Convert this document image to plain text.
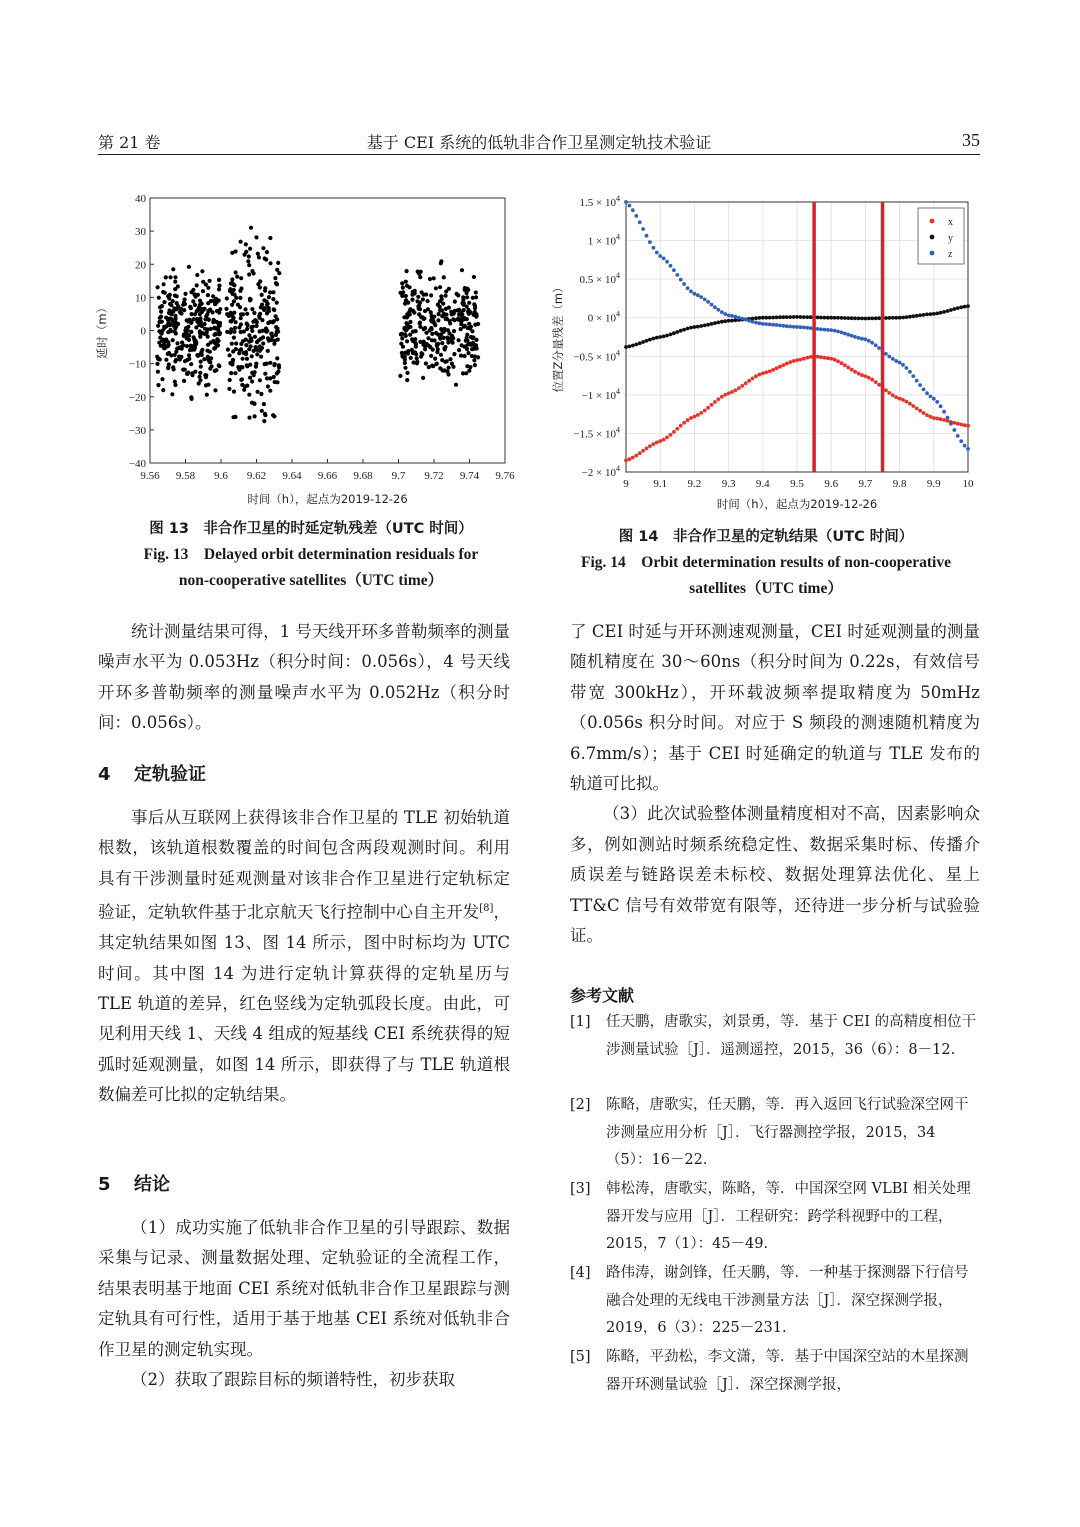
第 21 卷	基于 CEI 系统的低轨非合作卫星测定轨技术验证	35
9.56 9.58 9.6 9.62 9.64 9.66 9.68 9.7 9.72 9.74 9.76
40
30
20
10
0
−10
−20
−30
−40
时间（h），起点为2019-12-26
延时（m）
图 13　非合作卫星的时延定轨残差（UTC 时间）
Fig. 13　Delayed orbit determination residuals for
non-cooperative satellites（UTC time）
9 9.1 9.2 9.3 9.4 9.5 9.6 9.7 9.8 9.9 10
$1.5 \times 10^4$
$1 \times 10^4$
$0.5 \times 10^4$
$0 \times 10^4$
$-0.5 \times 10^4$
$-1 \times 10^4$
$-1.5 \times 10^4$
$-2 \times 10^4$
时间（h），起点为2019-12-26
位置Z分量残差（m）
x
y
z
图 14　非合作卫星的定轨结果（UTC 时间）
Fig. 14　Orbit determination results of non-cooperative
satellites（UTC time）

统计测量结果可得，1 号天线开环多普勒频率的测量噪声水平为 0.053Hz（积分时间：0.056s），4 号天线开环多普勒频率的测量噪声水平为 0.052Hz（积分时间：0.056s）。

4 定轨验证

事后从互联网上获得该非合作卫星的 TLE 初始轨道根数，该轨道根数覆盖的时间包含两段观测时间。利用具有干涉测量时延观测量对该非合作卫星进行定轨标定验证，定轨软件基于北京航天飞行控制中心自主开发[8]，其定轨结果如图 13、图 14 所示，图中时标均为 UTC 时间。其中图 14 为进行定轨计算获得的定轨星历与 TLE 轨道的差异，红色竖线为定轨弧段长度。由此，可见利用天线 1、天线 4 组成的短基线 CEI 系统获得的短弧时延观测量，如图 14 所示，即获得了与 TLE 轨道根数偏差可比拟的定轨结果。

5 结论

（1）成功实施了低轨非合作卫星的引导跟踪、数据采集与记录、测量数据处理、定轨验证的全流程工作，结果表明基于地面 CEI 系统对低轨非合作卫星跟踪与测定轨具有可行性，适用于基于地基 CEI 系统对低轨非合作卫星的测定轨实现。

（2）获取了跟踪目标的频谱特性，初步获取

了 CEI 时延与开环测速观测量，CEI 时延观测量的测量随机精度在 30～60ns（积分时间为 0.22s，有效信号带宽 300kHz），开环载波频率提取精度为 50mHz（0.056s 积分时间。对应于 S 频段的测速随机精度为 6.7mm/s）；基于 CEI 时延确定的轨道与 TLE 发布的轨道可比拟。

（3）此次试验整体测量精度相对不高，因素影响众多，例如测站时频系统稳定性、数据采集时标、传播介质误差与链路误差未标校、数据处理算法优化、星上 TT&C 信号有效带宽有限等，还待进一步分析与试验验证。

参考文献
[1] 任天鹏，唐歌实，刘景勇，等．基于 CEI 的高精度相位干涉测量试验［J］．遥测遥控，2015，36（6）：8－12.
[2] 陈略，唐歌实，任天鹏，等．再入返回飞行试验深空网干涉测量应用分析［J］．飞行器测控学报，2015，34（5）：16－22.
[3] 韩松涛，唐歌实，陈略，等．中国深空网 VLBI 相关处理器开发与应用［J］．工程研究：跨学科视野中的工程，2015，7（1）：45－49.
[4] 路伟涛，谢剑锋，任天鹏，等．一种基于探测器下行信号融合处理的无线电干涉测量方法［J］．深空探测学报，2019，6（3）：225－231.
[5] 陈略，平劲松，李文潇，等．基于中国深空站的木星探测器开环测量试验［J］．深空探测学报，
